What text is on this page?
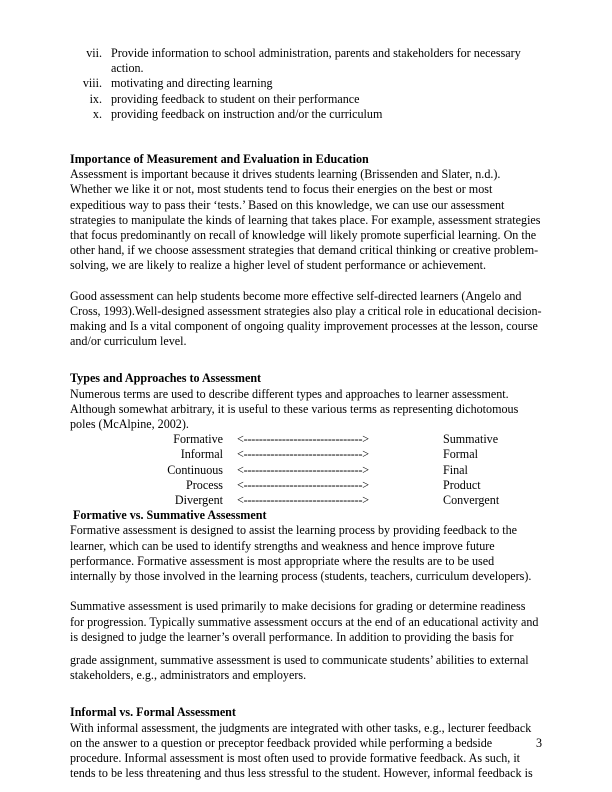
vii. Provide information to school administration, parents and stakeholders for necessary action.
viii. motivating and directing learning
ix. providing feedback to student on their performance
x. providing feedback on instruction and/or the curriculum
Importance of Measurement and Evaluation in Education

Assessment is important because it drives students learning (Brissenden and Slater, n.d.). Whether we like it or not, most students tend to focus their energies on the best or most expeditious way to pass their ‘tests.’ Based on this knowledge, we can use our assessment strategies to manipulate the kinds of learning that takes place. For example, assessment strategies that focus predominantly on recall of knowledge will likely promote superficial learning. On the other hand, if we choose assessment strategies that demand critical thinking or creative problem-solving, we are likely to realize a higher level of student performance or achievement.

Good assessment can help students become more effective self-directed learners (Angelo and Cross, 1993).Well-designed assessment strategies also play a critical role in educational decision-making and Is a vital component of ongoing quality improvement processes at the lesson, course and/or curriculum level.

Types and Approaches to Assessment

Numerous terms are used to describe different types and approaches to learner assessment. Although somewhat arbitrary, it is useful to these various terms as representing dichotomous poles (McAlpine, 2002).

Formative	<------------------------------->	Summative
Informal	<------------------------------->	Formal
Continuous	<------------------------------->	Final
Process	<------------------------------->	Product
Divergent	<------------------------------->	Convergent
Formative vs. Summative Assessment

Formative assessment is designed to assist the learning process by providing feedback to the learner, which can be used to identify strengths and weakness and hence improve future performance. Formative assessment is most appropriate where the results are to be used internally by those involved in the learning process (students, teachers, curriculum developers).

Summative assessment is used primarily to make decisions for grading or determine readiness for progression. Typically summative assessment occurs at the end of an educational activity and is designed to judge the learner’s overall performance. In addition to providing the basis for

grade assignment, summative assessment is used to communicate students’ abilities to external stakeholders, e.g., administrators and employers.

Informal vs. Formal Assessment

With informal assessment, the judgments are integrated with other tasks, e.g., lecturer feedback on the answer to a question or preceptor feedback provided while performing a bedside procedure. Informal assessment is most often used to provide formative feedback. As such, it tends to be less threatening and thus less stressful to the student. However, informal feedback is

3
